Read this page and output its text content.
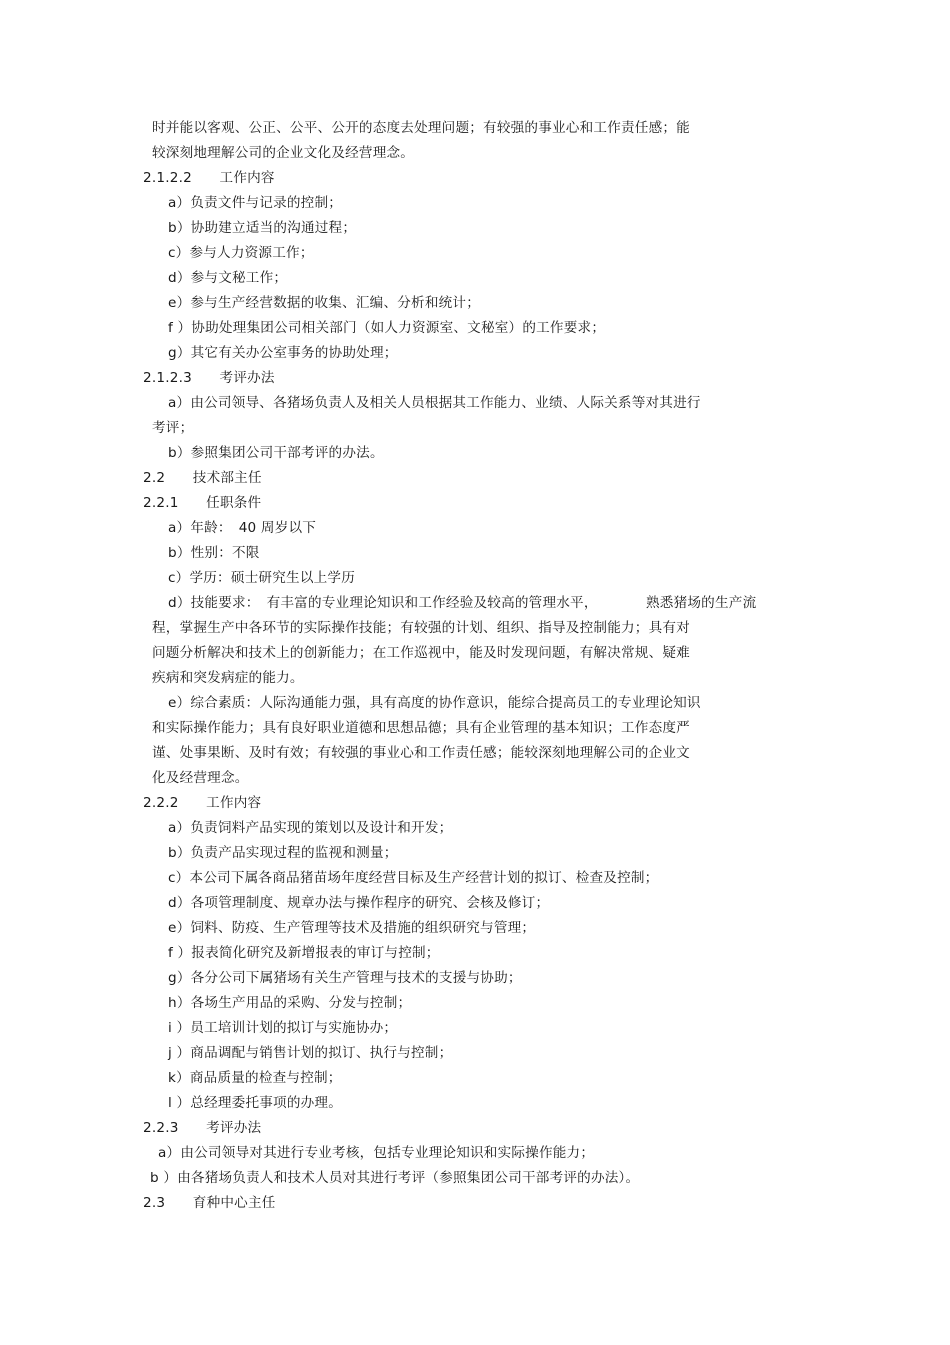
时并能以客观、公正、公平、公开的态度去处理问题；有较强的事业心和工作责任感；能
较深刻地理解公司的企业文化及经营理念。
2.1.2.2　　工作内容
a）负责文件与记录的控制；
b）协助建立适当的沟通过程；
c）参与人力资源工作；
d）参与文秘工作；
e）参与生产经营数据的收集、汇编、分析和统计；
f ）协助处理集团公司相关部门（如人力资源室、文秘室）的工作要求；
g）其它有关办公室事务的协助处理；
2.1.2.3　　考评办法
a）由公司领导、各猪场负责人及相关人员根据其工作能力、业绩、人际关系等对其进行
考评；
b）参照集团公司干部考评的办法。
2.2　　技术部主任
2.2.1　　任职条件
a）年龄：　40 周岁以下
b）性别：不限
c）学历：硕士研究生以上学历
d）技能要求：　有丰富的专业理论知识和工作经验及较高的管理水平，　　　　熟悉猪场的生产流
程，掌握生产中各环节的实际操作技能；有较强的计划、组织、指导及控制能力；具有对
问题分析解决和技术上的创新能力；在工作巡视中，能及时发现问题，有解决常规、疑难
疾病和突发病症的能力。
e）综合素质：人际沟通能力强，具有高度的协作意识，能综合提高员工的专业理论知识
和实际操作能力；具有良好职业道德和思想品德；具有企业管理的基本知识；工作态度严
谨、处事果断、及时有效；有较强的事业心和工作责任感；能较深刻地理解公司的企业文
化及经营理念。
2.2.2　　工作内容
a）负责饲料产品实现的策划以及设计和开发；
b）负责产品实现过程的监视和测量；
c）本公司下属各商品猪苗场年度经营目标及生产经营计划的拟订、检查及控制；
d）各项管理制度、规章办法与操作程序的研究、会核及修订；
e）饲料、防疫、生产管理等技术及措施的组织研究与管理；
f ）报表简化研究及新增报表的审订与控制；
g）各分公司下属猪场有关生产管理与技术的支援与协助；
h）各场生产用品的采购、分发与控制；
i ）员工培训计划的拟订与实施协办；
j ）商品调配与销售计划的拟订、执行与控制；
k）商品质量的检查与控制；
l ）总经理委托事项的办理。
2.2.3　　考评办法
a）由公司领导对其进行专业考核，包括专业理论知识和实际操作能力；
b ）由各猪场负责人和技术人员对其进行考评（参照集团公司干部考评的办法）。
2.3　　育种中心主任
